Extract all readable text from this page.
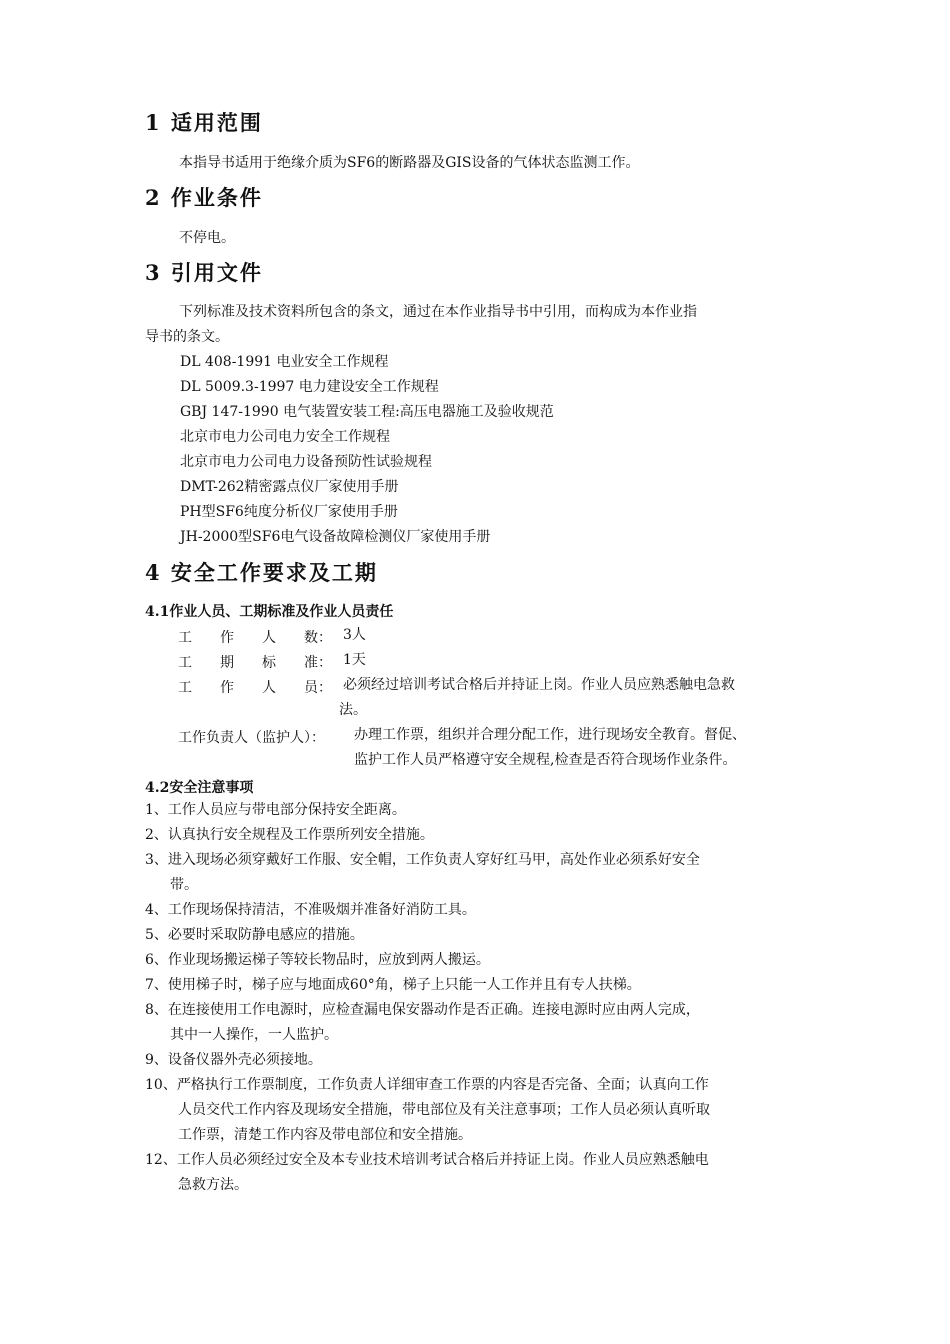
1 适用范围
本指导书适用于绝缘介质为SF6的断路器及GIS设备的气体状态监测工作。
2 作业条件
不停电。
3 引用文件
下列标准及技术资料所包含的条文，通过在本作业指导书中引用，而构成为本作业指
导书的条文。
DL 408-1991 电业安全工作规程
DL 5009.3-1997 电力建设安全工作规程
GBJ 147-1990 电气装置安装工程:高压电器施工及验收规范
北京市电力公司电力安全工作规程
北京市电力公司电力设备预防性试验规程
DMT-262精密露点仪厂家使用手册
PH型SF6纯度分析仪厂家使用手册
JH-2000型SF6电气设备故障检测仪厂家使用手册
4 安全工作要求及工期
4.1作业人员、工期标准及作业人员责任
工　　作　　人　　数： 3人
工　　期　　标　　准： 1天
工　　作　　人　　员： 必须经过培训考试合格后并持证上岗。作业人员应熟悉触电急救
法。
工作负责人（监护人）： 办理工作票，组织并合理分配工作，进行现场安全教育。督促、
监护工作人员严格遵守安全规程,检查是否符合现场作业条件。
4.2安全注意事项
1、工作人员应与带电部分保持安全距离。
2、认真执行安全规程及工作票所列安全措施。
3、进入现场必须穿戴好工作服、安全帽，工作负责人穿好红马甲，高处作业必须系好安全
带。
4、工作现场保持清洁，不准吸烟并准备好消防工具。
5、必要时采取防静电感应的措施。
6、作业现场搬运梯子等较长物品时，应放到两人搬运。
7、使用梯子时，梯子应与地面成60°角，梯子上只能一人工作并且有专人扶梯。
8、在连接使用工作电源时，应检查漏电保安器动作是否正确。连接电源时应由两人完成，
其中一人操作，一人监护。
9、设备仪器外壳必须接地。
10、严格执行工作票制度，工作负责人详细审查工作票的内容是否完备、全面；认真向工作
人员交代工作内容及现场安全措施，带电部位及有关注意事项；工作人员必须认真听取
工作票，清楚工作内容及带电部位和安全措施。
12、工作人员必须经过安全及本专业技术培训考试合格后并持证上岗。作业人员应熟悉触电
急救方法。
